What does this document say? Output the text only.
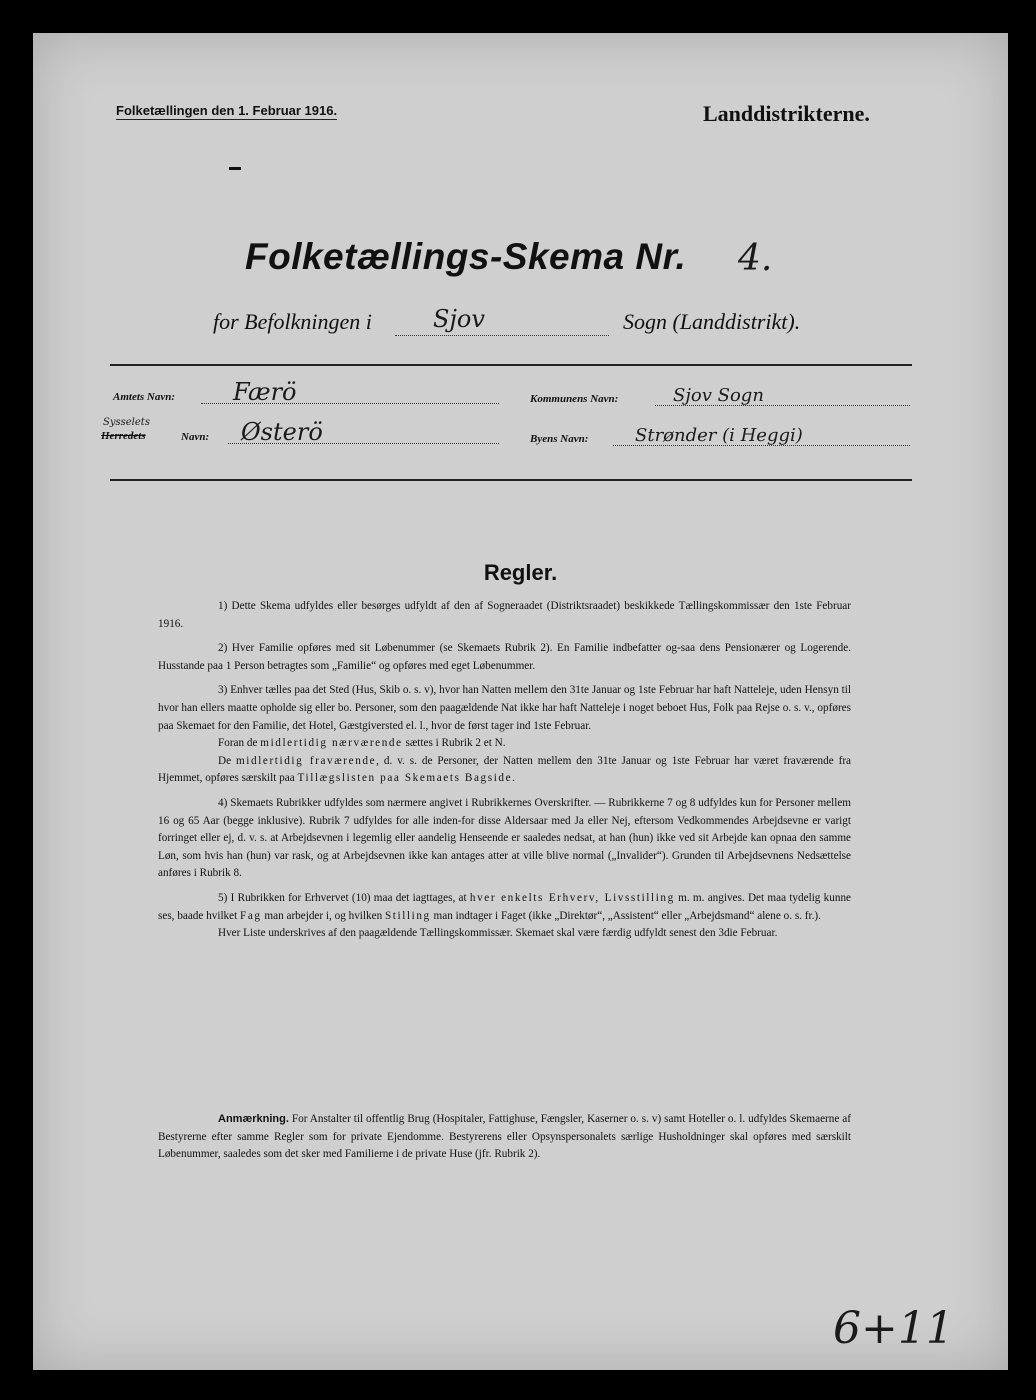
Folketællingen den 1. Februar 1916.	Landdistrikterne.
Folketællings-Skema Nr. 4.
for Befolkningen i	Sjov	Sogn (Landdistrikt).
Amtets Navn: Færö	Kommunens Navn:	Sjov Sogn
Sysselets
Herredets	Navn: Østerö	Byens Navn:	Strønder (i Heggi)
Regler.

1) Dette Skema udfyldes eller besørges udfyldt af den af Sogneraadet (Distriktsraadet) beskikkede Tællingskommissær den 1ste Februar 1916.

2) Hver Familie opføres med sit Løbenummer (se Skemaets Rubrik 2). En Familie indbefatter og-saa dens Pensionærer og Logerende. Husstande paa 1 Person betragtes som „Familie“ og opføres med eget Løbenummer.

3) Enhver tælles paa det Sted (Hus, Skib o. s. v), hvor han Natten mellem den 31te Januar og 1ste Februar har haft Natteleje, uden Hensyn til hvor han ellers maatte opholde sig eller bo. Personer, som den paagældende Nat ikke har haft Natteleje i noget beboet Hus, Folk paa Rejse o. s. v., opføres paa Skemaet for den Familie, det Hotel, Gæstgiversted el. l., hvor de først tager ind 1ste Februar.

Foran de midlertidig nærværende sættes i Rubrik 2 et N.

De midlertidig fraværende, d. v. s. de Personer, der Natten mellem den 31te Januar og 1ste Februar har været fraværende fra Hjemmet, opføres særskilt paa Tillægslisten paa Skemaets Bagside.

4) Skemaets Rubrikker udfyldes som nærmere angivet i Rubrikkernes Overskrifter. — Rubrikkerne 7 og 8 udfyldes kun for Personer mellem 16 og 65 Aar (begge inklusive). Rubrik 7 udfyldes for alle inden-for disse Aldersaar med Ja eller Nej, eftersom Vedkommendes Arbejdsevne er varigt forringet eller ej, d. v. s. at Arbejdsevnen i legemlig eller aandelig Henseende er saaledes nedsat, at han (hun) ikke ved sit Arbejde kan opnaa den samme Løn, som hvis han (hun) var rask, og at Arbejdsevnen ikke kan antages atter at ville blive normal („Invalider“). Grunden til Arbejdsevnens Nedsættelse anføres i Rubrik 8.

5) I Rubrikken for Erhvervet (10) maa det iagttages, at hver enkelts Erhverv, Livsstilling m. m. angives. Det maa tydelig kunne ses, baade hvilket Fag man arbejder i, og hvilken Stilling man indtager i Faget (ikke „Direktør“, „Assistent“ eller „Arbejdsmand“ alene o. s. fr.).

Hver Liste underskrives af den paagældende Tællingskommissær. Skemaet skal være færdig udfyldt senest den 3die Februar.

Anmærkning. For Anstalter til offentlig Brug (Hospitaler, Fattighuse, Fængsler, Kaserner o. s. v) samt Hoteller o. l. udfyldes Skemaerne af Bestyrerne efter samme Regler som for private Ejendomme. Bestyrerens eller Opsynspersonalets særlige Husholdninger skal opføres med særskilt Løbenummer, saaledes som det sker med Familierne i de private Huse (jfr. Rubrik 2).

6+11
